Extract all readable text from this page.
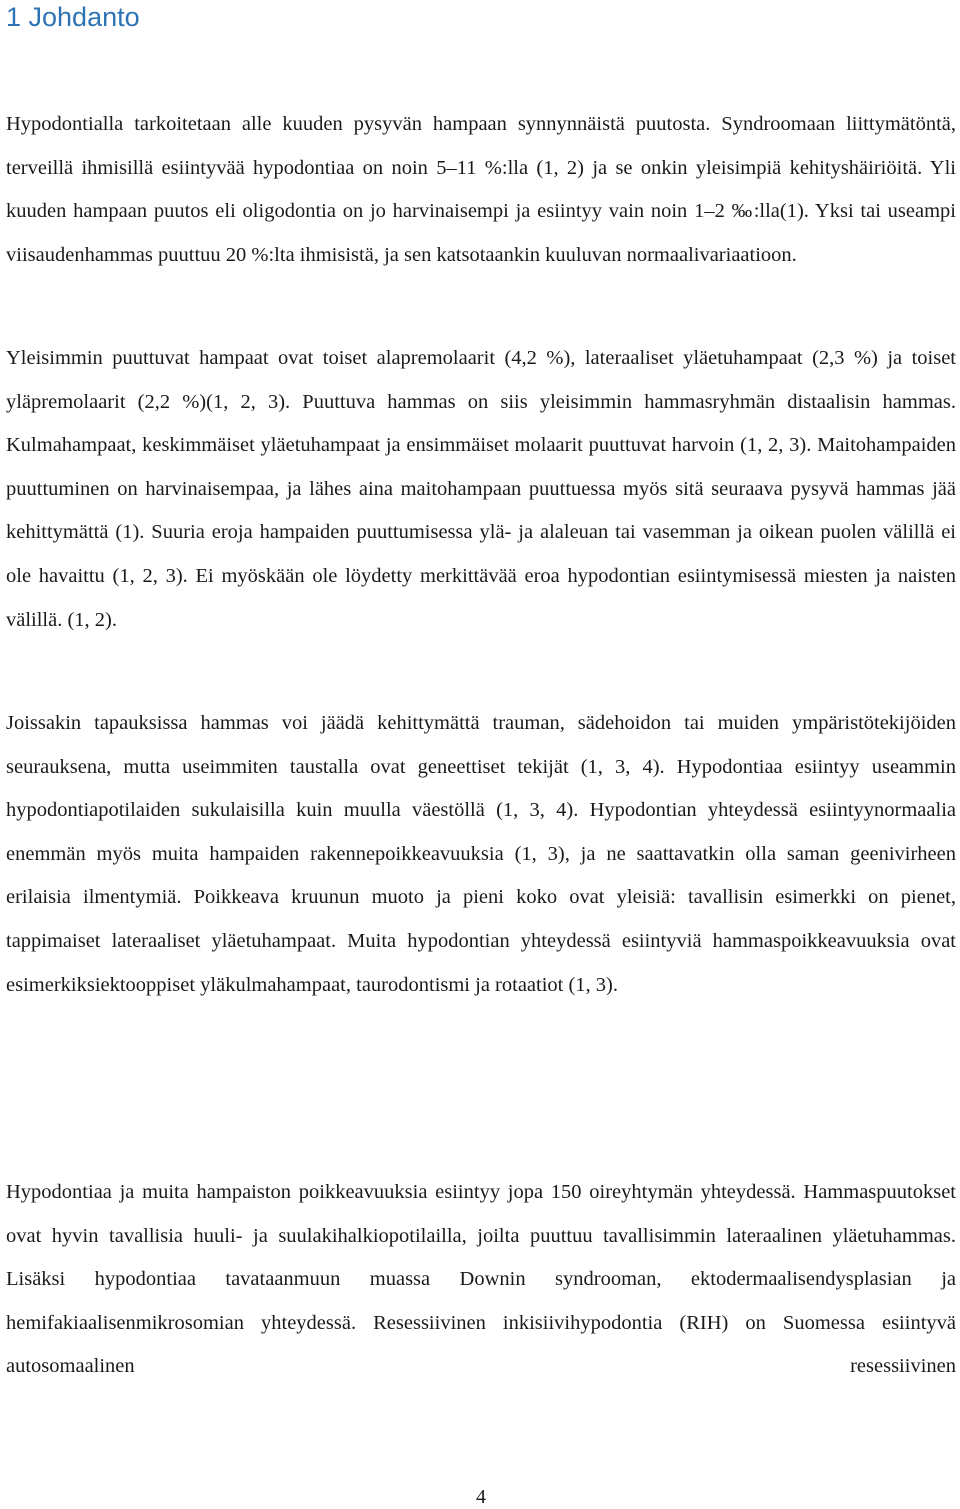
1 Johdanto

Hypodontialla tarkoitetaan alle kuuden pysyvän hampaan synnynnäistä puutosta. Syndroomaan liittymätöntä, terveillä ihmisillä esiintyvää hypodontiaa on noin 5–11 %:lla (1, 2) ja se onkin yleisimpiä kehityshäiriöitä. Yli kuuden hampaan puutos eli oligodontia on jo harvinaisempi ja esiintyy vain noin 1–2 ‰:lla(1). Yksi tai useampi viisaudenhammas puuttuu 20 %:lta ihmisistä, ja sen katsotaankin kuuluvan normaalivariaatioon.

Yleisimmin puuttuvat hampaat ovat toiset alapremolaarit (4,2 %), lateraaliset yläetuhampaat (2,3 %) ja toiset yläpremolaarit (2,2 %)(1, 2, 3). Puuttuva hammas on siis yleisimmin hammasryhmän distaalisin hammas. Kulmahampaat, keskimmäiset yläetuhampaat ja ensimmäiset molaarit puuttuvat harvoin (1, 2, 3). Maitohampaiden puuttuminen on harvinaisempaa, ja lähes aina maitohampaan puuttuessa myös sitä seuraava pysyvä hammas jää kehittymättä (1). Suuria eroja hampaiden puuttumisessa ylä- ja alaleuan tai vasemman ja oikean puolen välillä ei ole havaittu (1, 2, 3). Ei myöskään ole löydetty merkittävää eroa hypodontian esiintymisessä miesten ja naisten välillä. (1, 2).

Joissakin tapauksissa hammas voi jäädä kehittymättä trauman, sädehoidon tai muiden ympäristötekijöiden seurauksena, mutta useimmiten taustalla ovat geneettiset tekijät (1, 3, 4). Hypodontiaa esiintyy useammin hypodontiapotilaiden sukulaisilla kuin muulla väestöllä (1, 3, 4). Hypodontian yhteydessä esiintyynormaalia enemmän myös muita hampaiden rakennepoikkeavuuksia (1, 3), ja ne saattavatkin olla saman geenivirheen erilaisia ilmentymiä. Poikkeava kruunun muoto ja pieni koko ovat yleisiä: tavallisin esimerkki on pienet, tappimaiset lateraaliset yläetuhampaat. Muita hypodontian yhteydessä esiintyviä hammaspoikkeavuuksia ovat esimerkiksiektooppiset yläkulmahampaat, taurodontismi ja rotaatiot (1, 3).

Hypodontiaa ja muita hampaiston poikkeavuuksia esiintyy jopa 150 oireyhtymän yhteydessä. Hammaspuutokset ovat hyvin tavallisia huuli- ja suulakihalkiopotilailla, joilta puuttuu tavallisimmin lateraalinen yläetuhammas. Lisäksi hypodontiaa tavataanmuun muassa Downin syndrooman, ektodermaalisendysplasian ja hemifakiaalisenmikrosomian yhteydessä. Resessiivinen inkisiivihypodontia (RIH) on Suomessa esiintyvä autosomaalinen resessiivinen

4
